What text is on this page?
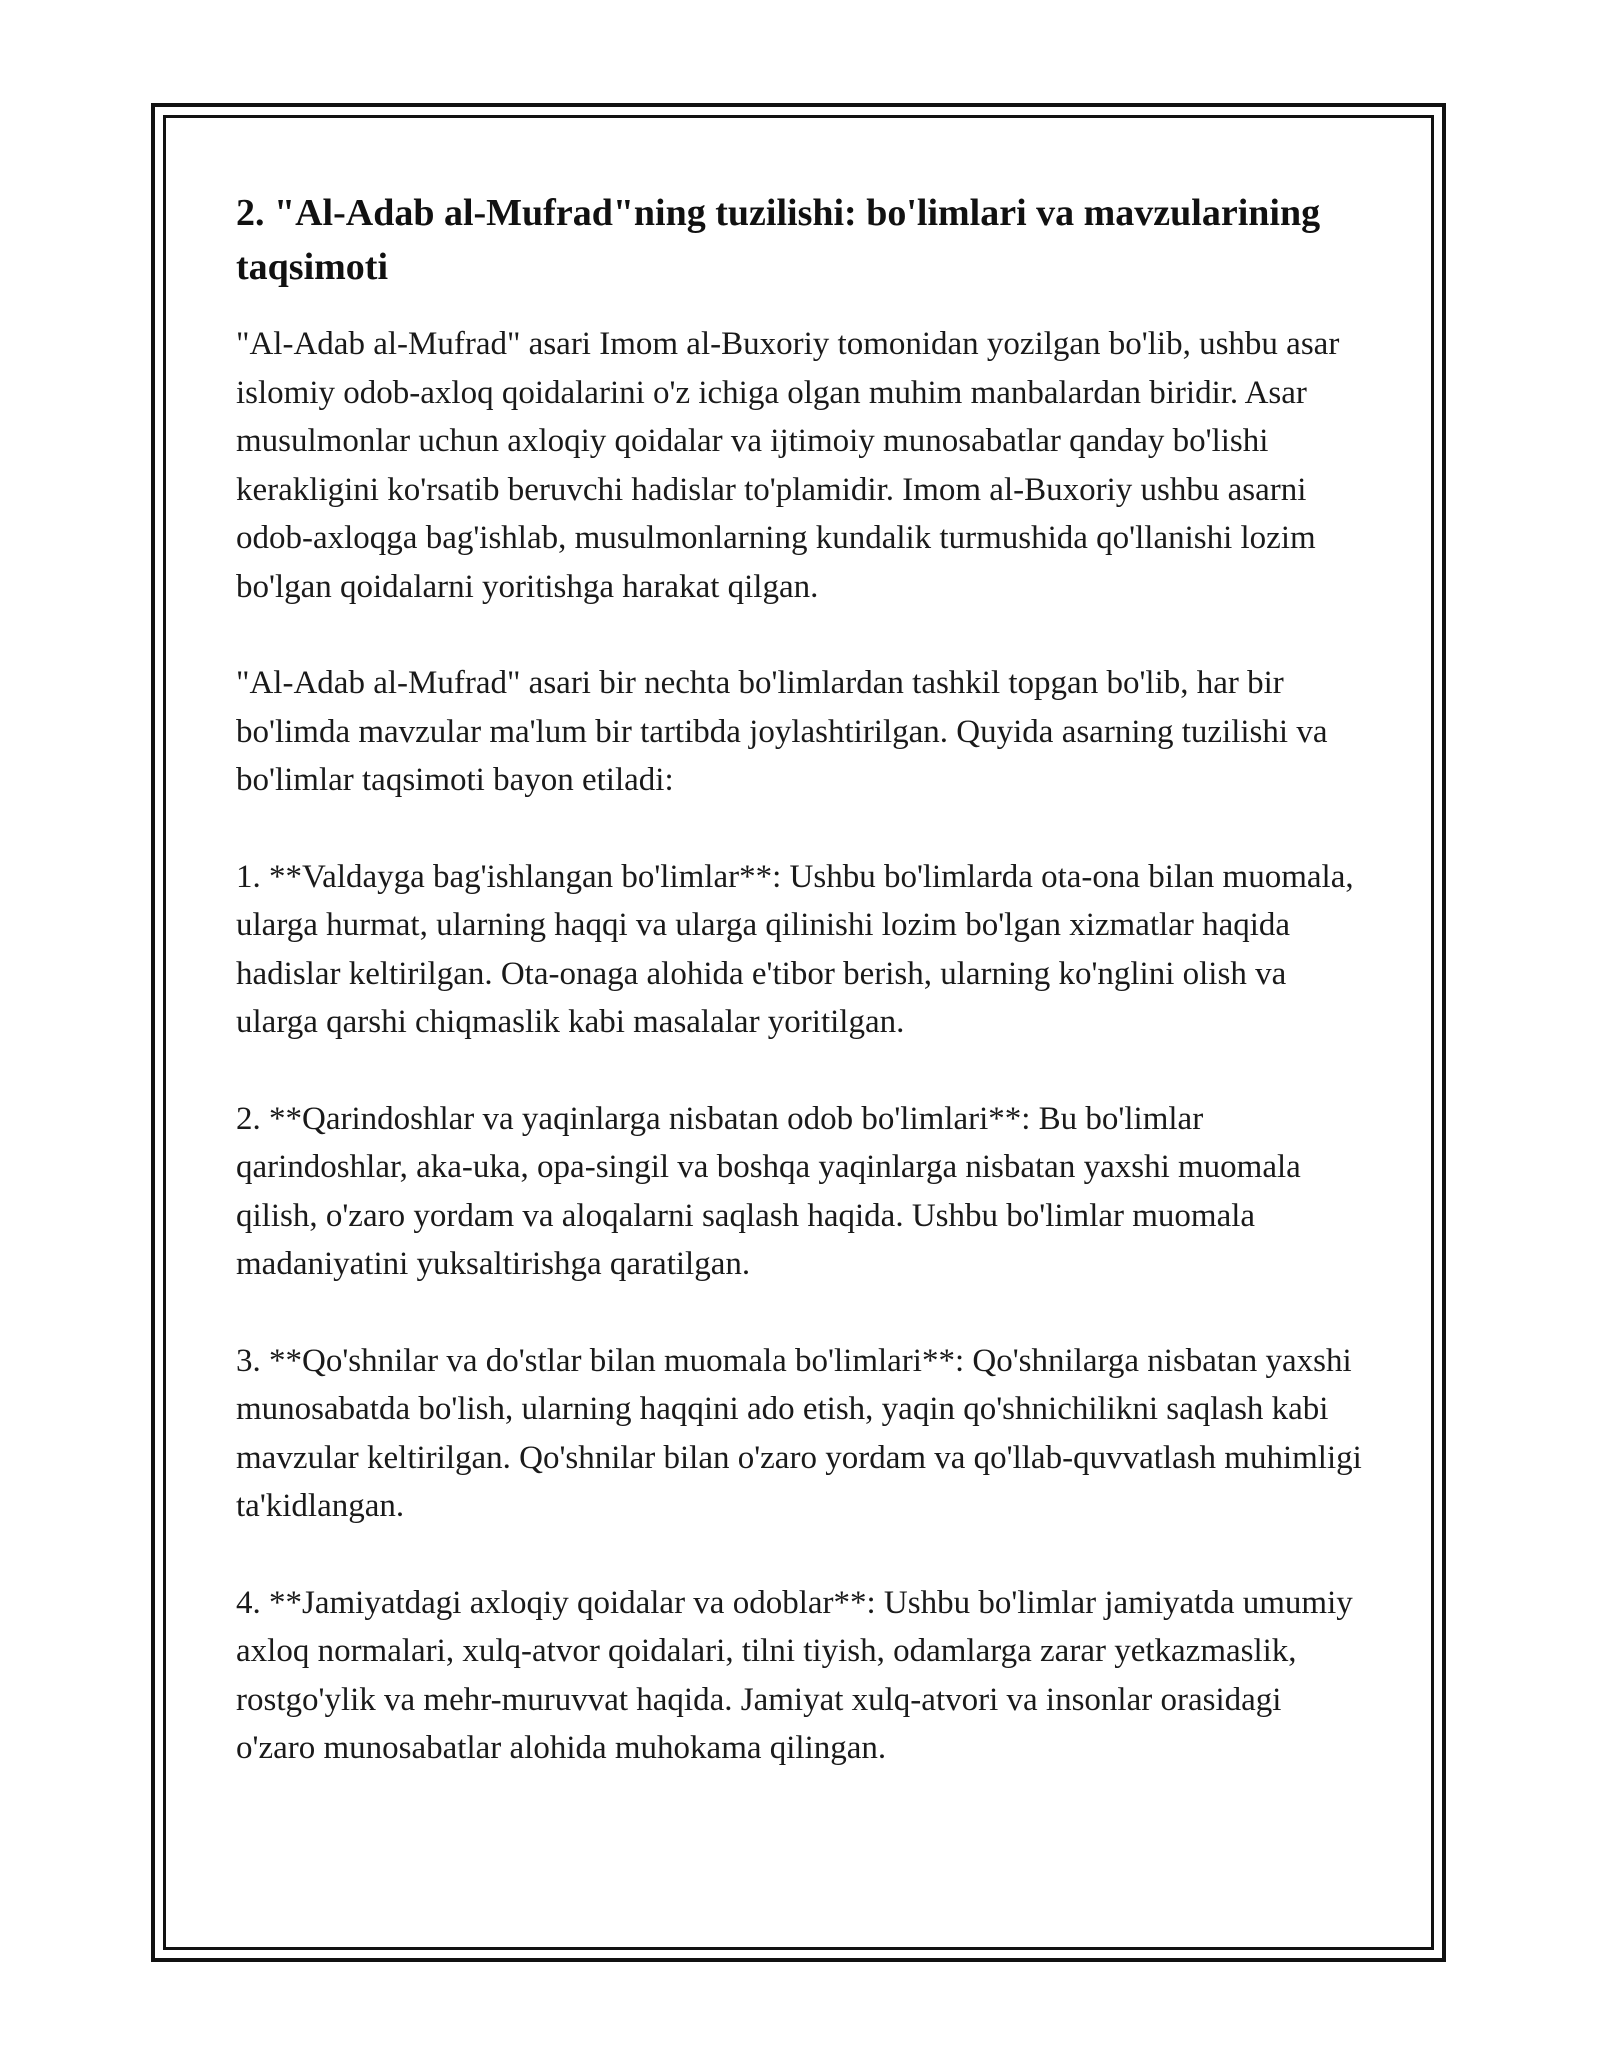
2. "Al-Adab al-Mufrad"ning tuzilishi: bo'limlari va mavzularining taqsimoti

"Al-Adab al-Mufrad" asari Imom al-Buxoriy tomonidan yozilgan bo'lib, ushbu asar islomiy odob-axloq qoidalarini o'z ichiga olgan muhim manbalardan biridir. Asar musulmonlar uchun axloqiy qoidalar va ijtimoiy munosabatlar qanday bo'lishi kerakligini ko'rsatib beruvchi hadislar to'plamidir. Imom al-Buxoriy ushbu asarni odob-axloqga bag'ishlab, musulmonlarning kundalik turmushida qo'llanishi lozim bo'lgan qoidalarni yoritishga harakat qilgan.

"Al-Adab al-Mufrad" asari bir nechta bo'limlardan tashkil topgan bo'lib, har bir bo'limda mavzular ma'lum bir tartibda joylashtirilgan. Quyida asarning tuzilishi va bo'limlar taqsimoti bayon etiladi:

1. **Valdayga bag'ishlangan bo'limlar**: Ushbu bo'limlarda ota-ona bilan muomala, ularga hurmat, ularning haqqi va ularga qilinishi lozim bo'lgan xizmatlar haqida hadislar keltirilgan. Ota-onaga alohida e'tibor berish, ularning ko'nglini olish va ularga qarshi chiqmaslik kabi masalalar yoritilgan.

2. **Qarindoshlar va yaqinlarga nisbatan odob bo'limlari**: Bu bo'limlar qarindoshlar, aka-uka, opa-singil va boshqa yaqinlarga nisbatan yaxshi muomala qilish, o'zaro yordam va aloqalarni saqlash haqida. Ushbu bo'limlar muomala madaniyatini yuksaltirishga qaratilgan.

3. **Qo'shnilar va do'stlar bilan muomala bo'limlari**: Qo'shnilarga nisbatan yaxshi munosabatda bo'lish, ularning haqqini ado etish, yaqin qo'shnichilikni saqlash kabi mavzular keltirilgan. Qo'shnilar bilan o'zaro yordam va qo'llab-quvvatlash muhimligi ta'kidlangan.

4. **Jamiyatdagi axloqiy qoidalar va odoblar**: Ushbu bo'limlar jamiyatda umumiy axloq normalari, xulq-atvor qoidalari, tilni tiyish, odamlarga zarar yetkazmaslik, rostgo'ylik va mehr-muruvvat haqida. Jamiyat xulq-atvori va insonlar orasidagi o'zaro munosabatlar alohida muhokama qilingan.
